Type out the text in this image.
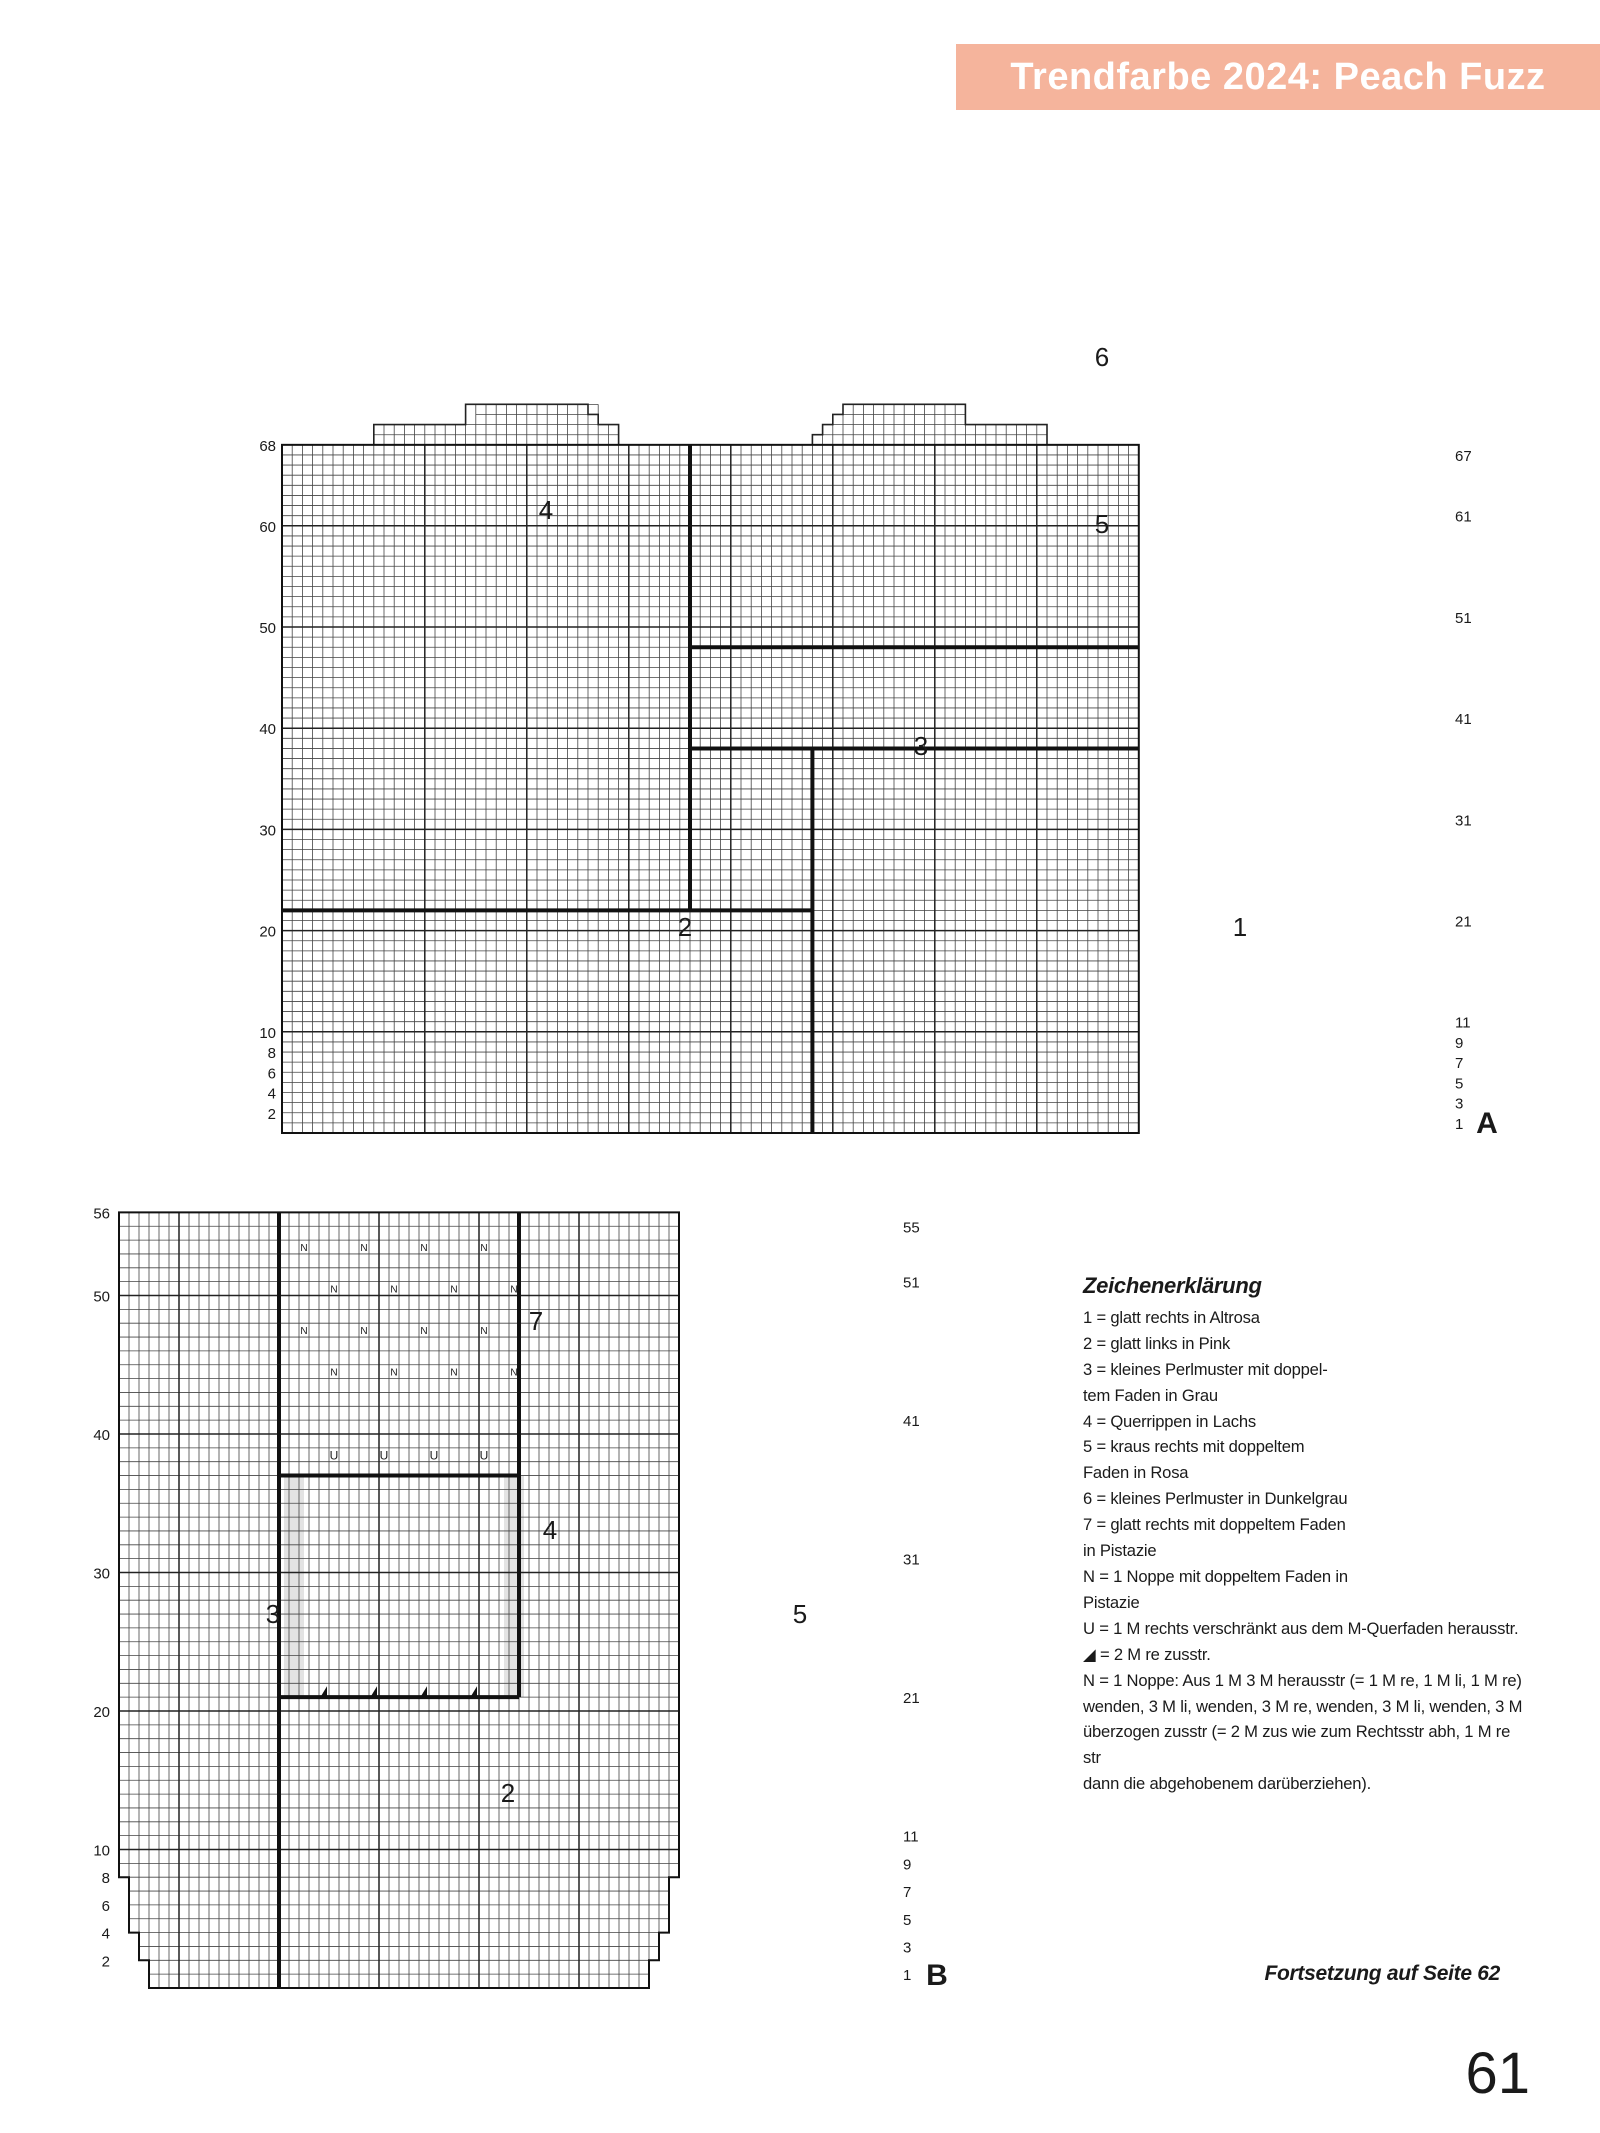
Trendfarbe 2024: Peach Fuzz
68
60
50
40
30
20
10
8
6
4
2
67
61
51
41
31
21
11
9
7
5
3
1
1
2
3
4	5
6
A
N	N	N	N
N	N	N	N
N	N	N	N
N	N	N	N
U	U	U	U
56
50
40
30
20
10
8
6
4
2
55
51
41
31
21
11
9
7
5
3
1
2
3
4
5
7
B
Zeichenerklärung
1 = glatt rechts in Altrosa
2 = glatt links in Pink
3 = kleines Perlmuster mit doppel-
tem Faden in Grau
4 = Querrippen in Lachs
5 = kraus rechts mit doppeltem
Faden in Rosa
6 = kleines Perlmuster in Dunkelgrau
7 = glatt rechts mit doppeltem Faden
in Pistazie
N = 1 Noppe mit doppeltem Faden in
Pistazie
U = 1 M rechts verschränkt aus dem M-Querfaden herausstr.
◢ = 2 M re zusstr.
N = 1 Noppe: Aus 1 M 3 M herausstr (= 1 M re, 1 M li, 1 M re)
wenden, 3 M li, wenden, 3 M re, wenden, 3 M li, wenden, 3 M
überzogen zusstr (= 2 M zus wie zum Rechtsstr abh, 1 M re str
dann die abgehobenem darüberziehen).
Fortsetzung auf Seite 62
61
